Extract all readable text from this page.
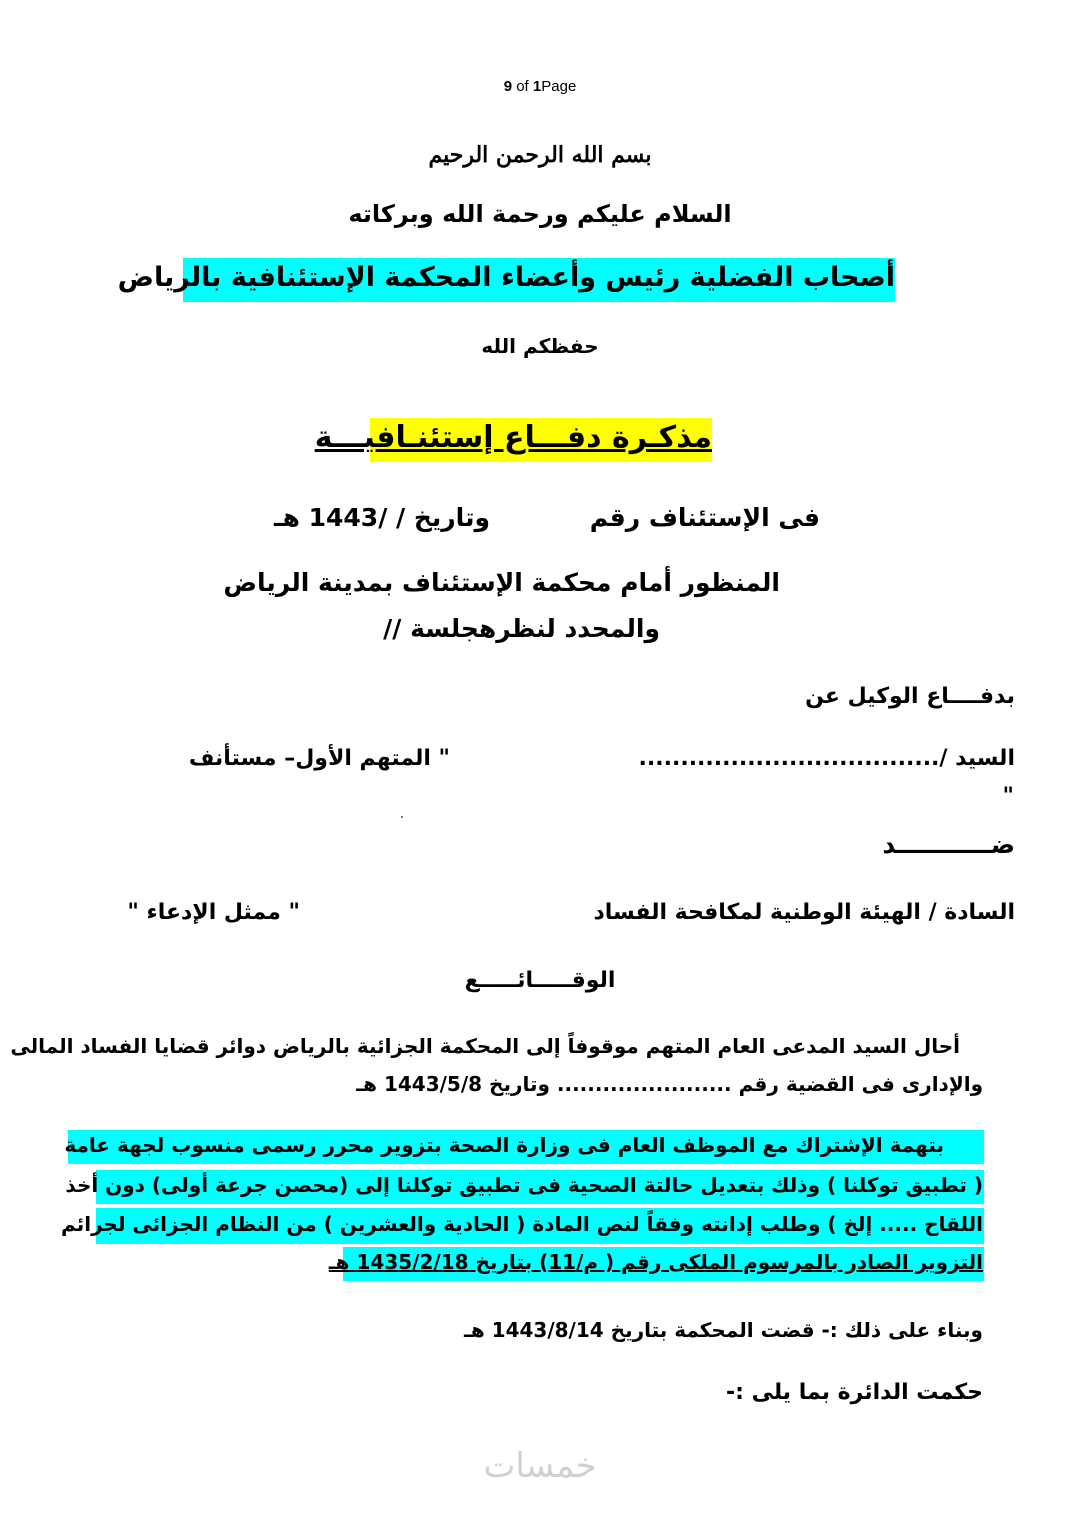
9 of 1Page
بسم الله الرحمن الرحيم
السلام عليكم ورحمة الله وبركاته
أصحاب الفضلية رئيس وأعضاء المحكمة الإستئنافية بالرياض
حفظكم الله
مذكـرة دفـــاع إستئنـافيـــة
فى الإستئناف رقم
وتاريخ / /1443 هـ
المنظور أمام محكمة الإستئناف بمدينة الرياض
والمحدد لنظرهجلسة //
بدفــــاع الوكيل عن
السيد /....................................
" المتهم الأول– مستأنف
"
ضـــــــــــد
السادة / الهيئة الوطنية لمكافحة الفساد
" ممثل الإدعاء "
الوقـــــائـــــع
أحال السيد المدعى العام المتهم موقوفاً إلى المحكمة الجزائية بالرياض دوائر قضايا الفساد المالى
والإدارى فى القضية رقم ....................... وتاريخ 1443/5/8 هـ
بتهمة الإشتراك مع الموظف العام فى وزارة الصحة بتزوير محرر رسمى منسوب لجهة عامة
( تطبيق توكلنا ) وذلك بتعديل حالتة الصحية فى تطبيق توكلنا إلى (محصن جرعة أولى) دون أخذ
اللقاح ..... إلخ ) وطلب إدانته وفقاً لنص المادة ( الحادية والعشرين ) من النظام الجزائى لجرائم
التزوير الصادر بالمرسوم الملكى رقم ( م/11) بتاريخ 1435/2/18 هـ
وبناء على ذلك :- قضت المحكمة بتاريخ 1443/8/14 هـ
حكمت الدائرة بما يلى :-
خمسات
